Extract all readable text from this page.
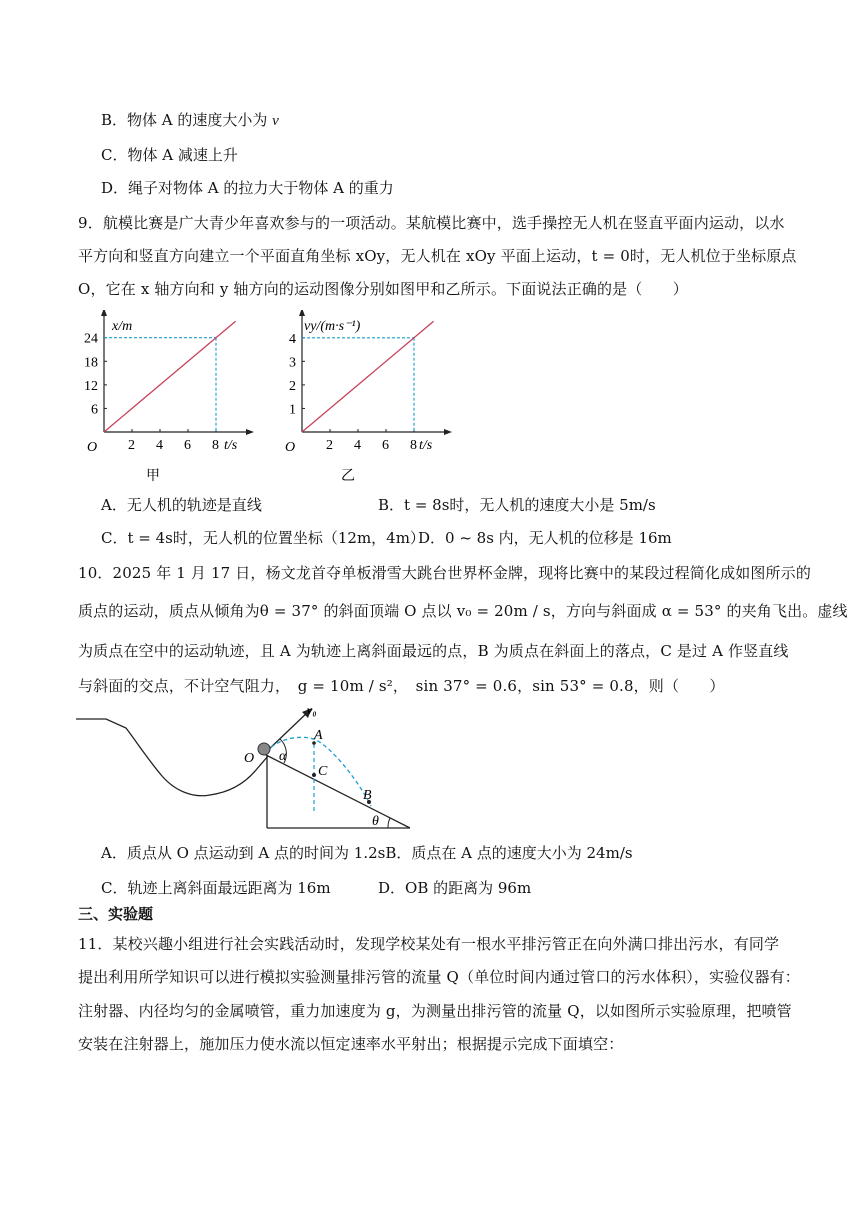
B．物体 A 的速度大小为 v
C．物体 A 减速上升
D．绳子对物体 A 的拉力大于物体 A 的重力
9．航模比赛是广大青少年喜欢参与的一项活动。某航模比赛中，选手操控无人机在竖直平面内运动，以水
平方向和竖直方向建立一个平面直角坐标 xOy，无人机在 xOy 平面上运动，t = 0时，无人机位于坐标原点
O，它在 x 轴方向和 y 轴方向的运动图像分别如图甲和乙所示。下面说法正确的是（　　）
2 4 6 8
6
12
18
24
x/m
t/s
O
甲
2 4 6 8
1
2
3
4
vy/(m·s⁻¹)
t/s
O
乙
A．无人机的轨迹是直线	B．t = 8s时，无人机的速度大小是 5m/s
C．t = 4s时，无人机的位置坐标（12m，4m）
D．0 ~ 8s 内，无人机的位移是 16m
10．2025 年 1 月 17 日，杨文龙首夺单板滑雪大跳台世界杯金牌，现将比赛中的某段过程简化成如图所示的
质点的运动，质点从倾角为θ = 37° 的斜面顶端 O 点以 v₀ = 20m / s，方向与斜面成 α = 53° 的夹角飞出。虚线
为质点在空中的运动轨迹，且 A 为轨迹上离斜面最远的点，B 为质点在斜面上的落点，C 是过 A 作竖直线
与斜面的交点，不计空气阻力，　g = 10m / s²，　sin 37° = 0.6，sin 53° = 0.8，则（　　）
v₀
O α
A
C
B
θ
A．质点从 O 点运动到 A 点的时间为 1.2sB．质点在 A 点的速度大小为 24m/s
C．轨迹上离斜面最远距离为 16m	D．OB 的距离为 96m
三、实验题
11．某校兴趣小组进行社会实践活动时，发现学校某处有一根水平排污管正在向外满口排出污水，有同学
提出利用所学知识可以进行模拟实验测量排污管的流量 Q（单位时间内通过管口的污水体积），实验仪器有：
注射器、内径均匀的金属喷管，重力加速度为 g，为测量出排污管的流量 Q，以如图所示实验原理，把喷管
安装在注射器上，施加压力使水流以恒定速率水平射出；根据提示完成下面填空：
